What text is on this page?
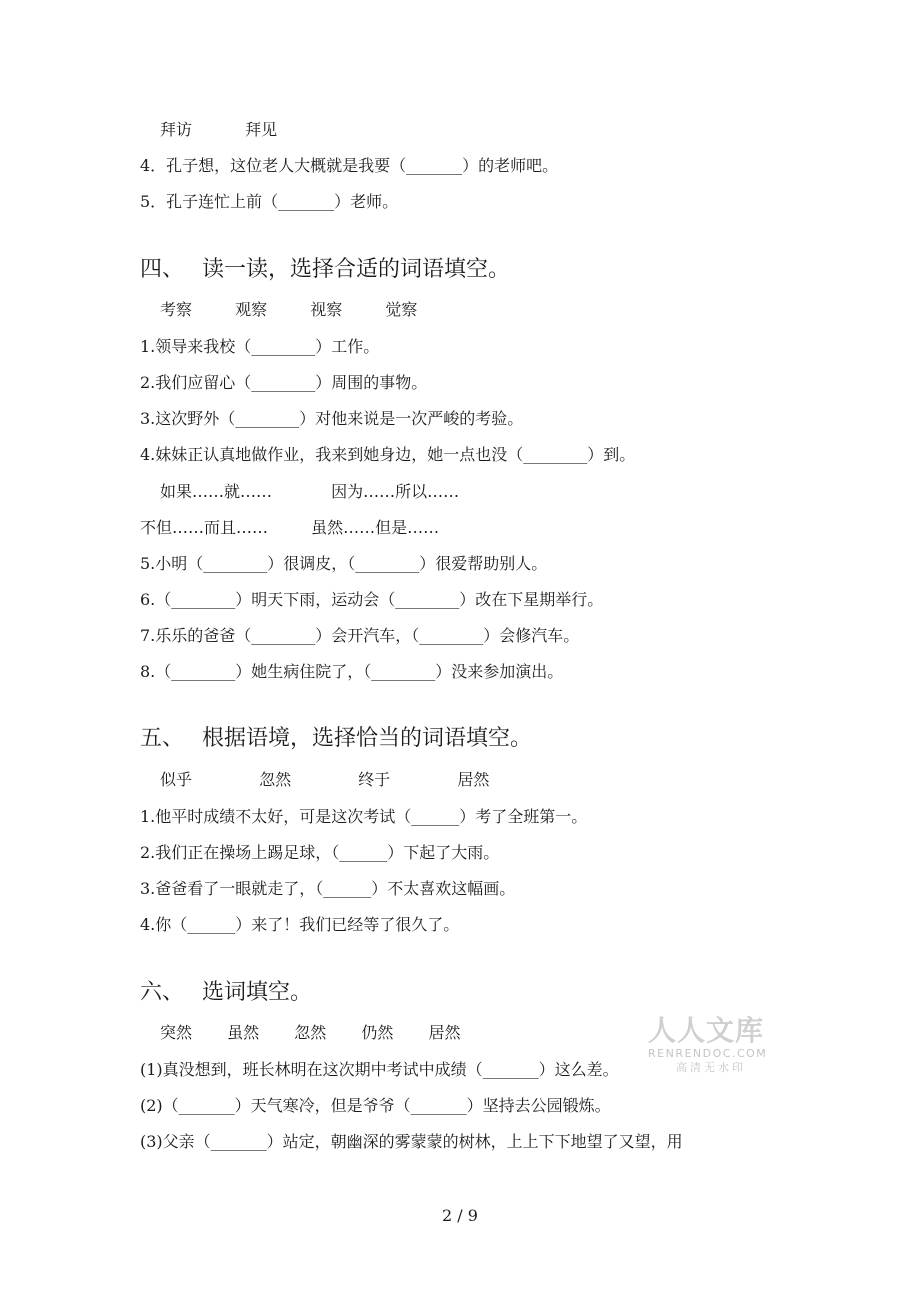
拜访	拜见
4．孔子想，这位老人大概就是我要（_______）的老师吧。
5．孔子连忙上前（_______）老师。
四、 读一读，选择合适的词语填空。
考察	观察	视察	觉察
1.领导来我校（________）工作。
2.我们应留心（________）周围的事物。
3.这次野外（________）对他来说是一次严峻的考验。
4.妹妹正认真地做作业，我来到她身边，她一点也没（________）到。
如果……就……	因为……所以……
不但……而且……	虽然……但是……
5.小明（________）很调皮，（________）很爱帮助别人。
6.（________）明天下雨，运动会（________）改在下星期举行。
7.乐乐的爸爸（________）会开汽车，（________）会修汽车。
8.（________）她生病住院了，（________）没来参加演出。
五、 根据语境，选择恰当的词语填空。
似乎	忽然	终于	居然
1.他平时成绩不太好，可是这次考试（______）考了全班第一。
2.我们正在操场上踢足球，（______）下起了大雨。
3.爸爸看了一眼就走了，（______）不太喜欢这幅画。
4.你（______）来了！我们已经等了很久了。
六、 选词填空。
突然 虽然 忽然 仍然 居然
(1)真没想到，班长林明在这次期中考试中成绩（_______）这么差。
(2)（_______）天气寒冷，但是爷爷（_______）坚持去公园锻炼。
(3)父亲（_______）站定，朝幽深的雾蒙蒙的树林，上上下下地望了又望，用
人人文库
RENRENDOC.COM
高清无水印
2 / 9
